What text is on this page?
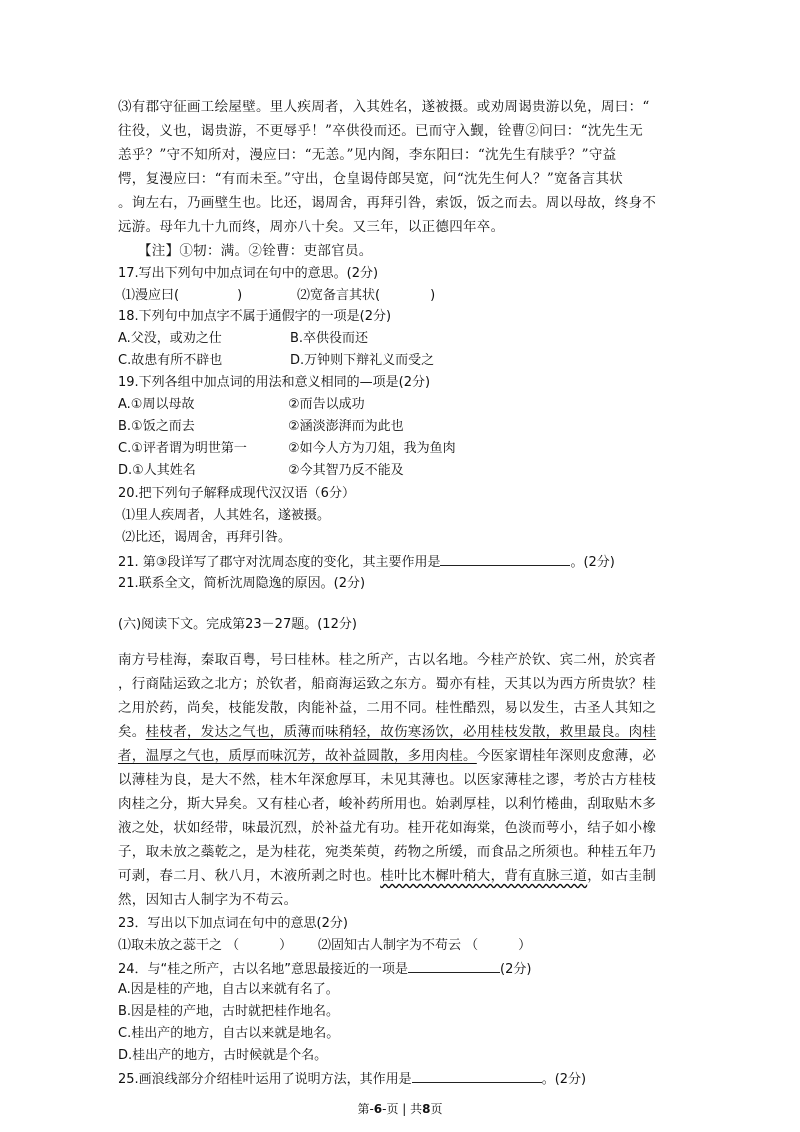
⑶有郡守征画工绘屋壁。里人疾周者，入其姓名，遂被摄。或劝周谒贵游以免，周曰：“
往役，义也，谒贵游，不更辱乎！”卒供役而还。已而守入觐，铨曹②问曰：“沈先生无
恙乎？”守不知所对，漫应曰：“无恙。”见内阁，李东阳曰：“沈先生有牍乎？”守益
愕，复漫应曰：“有而未至。”守出，仓皇谒侍郎吴宽，问“沈先生何人？”宽备言其状
。询左右，乃画壁生也。比还，谒周舍，再拜引咎，索饭，饭之而去。周以母故，终身不
远游。母年九十九而终，周亦八十矣。又三年，以正德四年卒。
【注】①牣：满。②铨曹：吏部官员。
17.写出下列句中加点词在句中的意思。(2分)
⑴漫应曰(	)	⑵宽备言其状(	)
18.下列句中加点字不属于通假字的一项是(2分)
A.父没，或劝之仕	B.卒供役而还
C.故患有所不辟也	D.万钟则下辩礼义而受之
19.下列各组中加点词的用法和意义相同的—项是(2分)
A.①周以母故	②而告以成功
B.①饭之而去	②涵淡澎湃而为此也
C.①评者谓为明世第一	②如今人方为刀俎，我为鱼肉
D.①人其姓名	②今其智乃反不能及
20.把下列句子解释成现代汉汉语（6分）
⑴里人疾周者，人其姓名，遂被摄。
⑵比还，谒周舍，再拜引咎。
21. 第③段详写了郡守对沈周态度的变化，其主要作用是	。(2分)
21.联系全文，简析沈周隐逸的原因。(2分)
(六)阅读下文。完成第23－27题。(12分)
南方号桂海，秦取百粤，号曰桂林。桂之所产，古以名地。今桂产於钦、宾二州，於宾者
，行商陆运致之北方；於钦者，船商海运致之东方。蜀亦有桂，天其以为西方所贵欤？桂
之用於药，尚矣，枝能发散，肉能补益，二用不同。桂性酷烈，易以发生，古圣人其知之
矣。桂枝者，发达之气也，质薄而味稍轻，故伤寒汤饮，必用桂枝发散，救里最良。肉桂
者，温厚之气也，质厚而味沉芳，故补益圆散，多用肉桂。今医家谓桂年深则皮愈薄，必
以薄桂为良，是大不然，桂木年深愈厚耳，未见其薄也。以医家薄桂之谬，考於古方桂枝
肉桂之分，斯大异矣。又有桂心者，峻补药所用也。始剥厚桂，以利竹棬曲，刮取贴木多
液之处，状如经带，味最沉烈，於补益尤有功。桂开花如海棠，色淡而萼小，结子如小橡
子，取未放之蘂乾之，是为桂花，宛类茱萸，药物之所缓，而食品之所须也。种桂五年乃
可剥，春二月、秋八月，木液所剥之时也。桂叶比木樨叶稍大，背有直脉三道，如古圭制
然，因知古人制字为不苟云。
23．写出以下加点词在句中的意思(2分)
⑴取未放之蕊干之 （	） ⑵固知古人制字为不苟云 （	）
24．与“桂之所产，古以名地”意思最接近的一项是	(2分)
A.因是桂的产地，自古以来就有名了。
B.因是桂的产地，古时就把桂作地名。
C.桂出产的地方，自古以来就是地名。
D.桂出产的地方，古时候就是个名。
25.画浪线部分介绍桂叶运用了说明方法，其作用是	。(2分)
第-6-页 | 共8页
